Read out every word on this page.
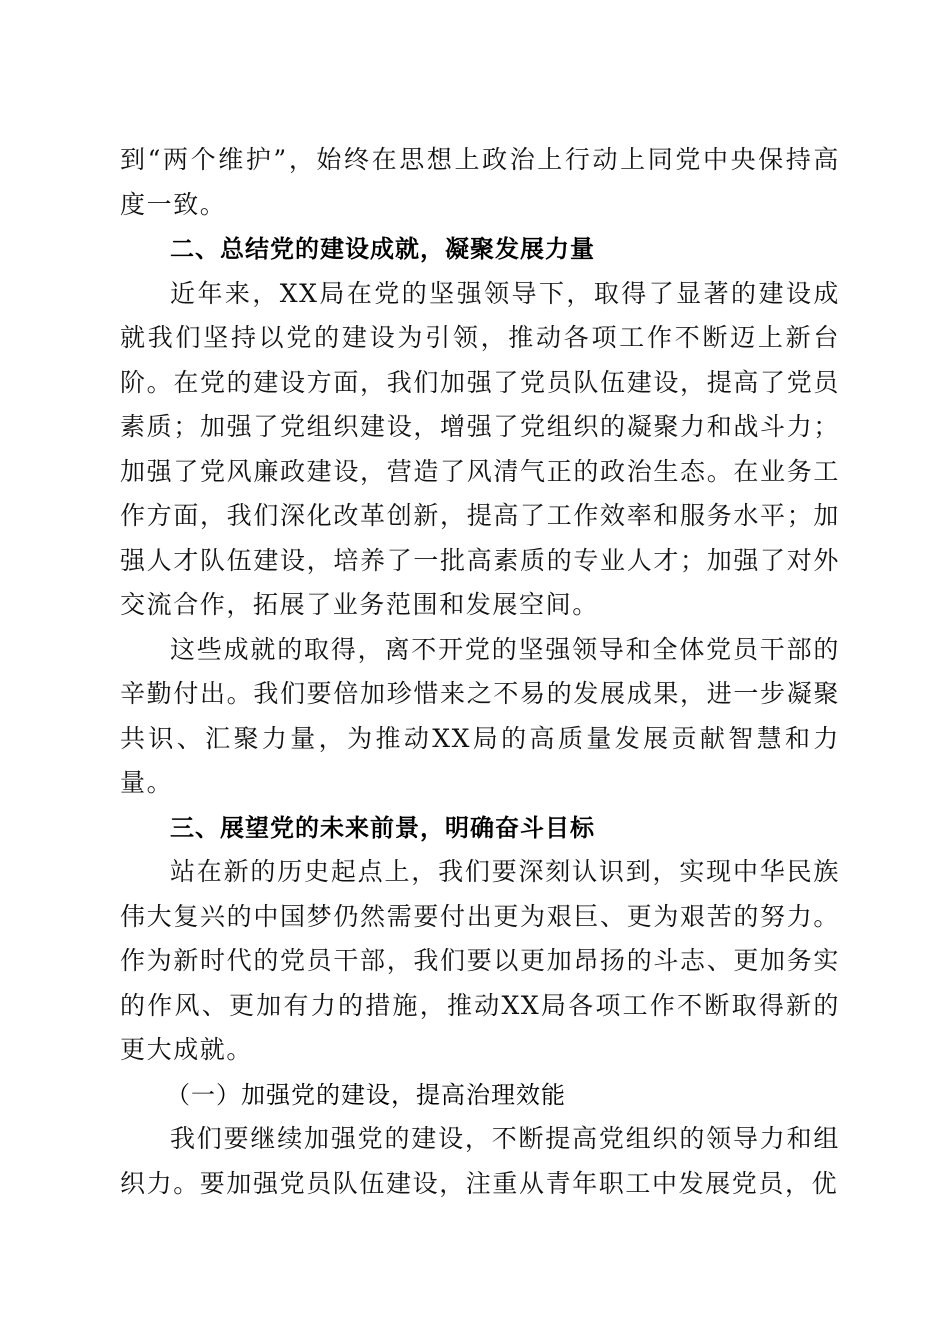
到“两个维护”，始终在思想上政治上行动上同党中央保持高度一致。

二、总结党的建设成就，凝聚发展力量

近年来，XX局在党的坚强领导下，取得了显著的建设成就我们坚持以党的建设为引领，推动各项工作不断迈上新台阶。在党的建设方面，我们加强了党员队伍建设，提高了党员素质；加强了党组织建设，增强了党组织的凝聚力和战斗力；加强了党风廉政建设，营造了风清气正的政治生态。在业务工作方面，我们深化改革创新，提高了工作效率和服务水平；加强人才队伍建设，培养了一批高素质的专业人才；加强了对外交流合作，拓展了业务范围和发展空间。

这些成就的取得，离不开党的坚强领导和全体党员干部的辛勤付出。我们要倍加珍惜来之不易的发展成果，进一步凝聚共识、汇聚力量，为推动XX局的高质量发展贡献智慧和力量。

三、展望党的未来前景，明确奋斗目标

站在新的历史起点上，我们要深刻认识到，实现中华民族伟大复兴的中国梦仍然需要付出更为艰巨、更为艰苦的努力。作为新时代的党员干部，我们要以更加昂扬的斗志、更加务实的作风、更加有力的措施，推动XX局各项工作不断取得新的更大成就。

（一）加强党的建设，提高治理效能

我们要继续加强党的建设，不断提高党组织的领导力和组织力。要加强党员队伍建设，注重从青年职工中发展党员，优
